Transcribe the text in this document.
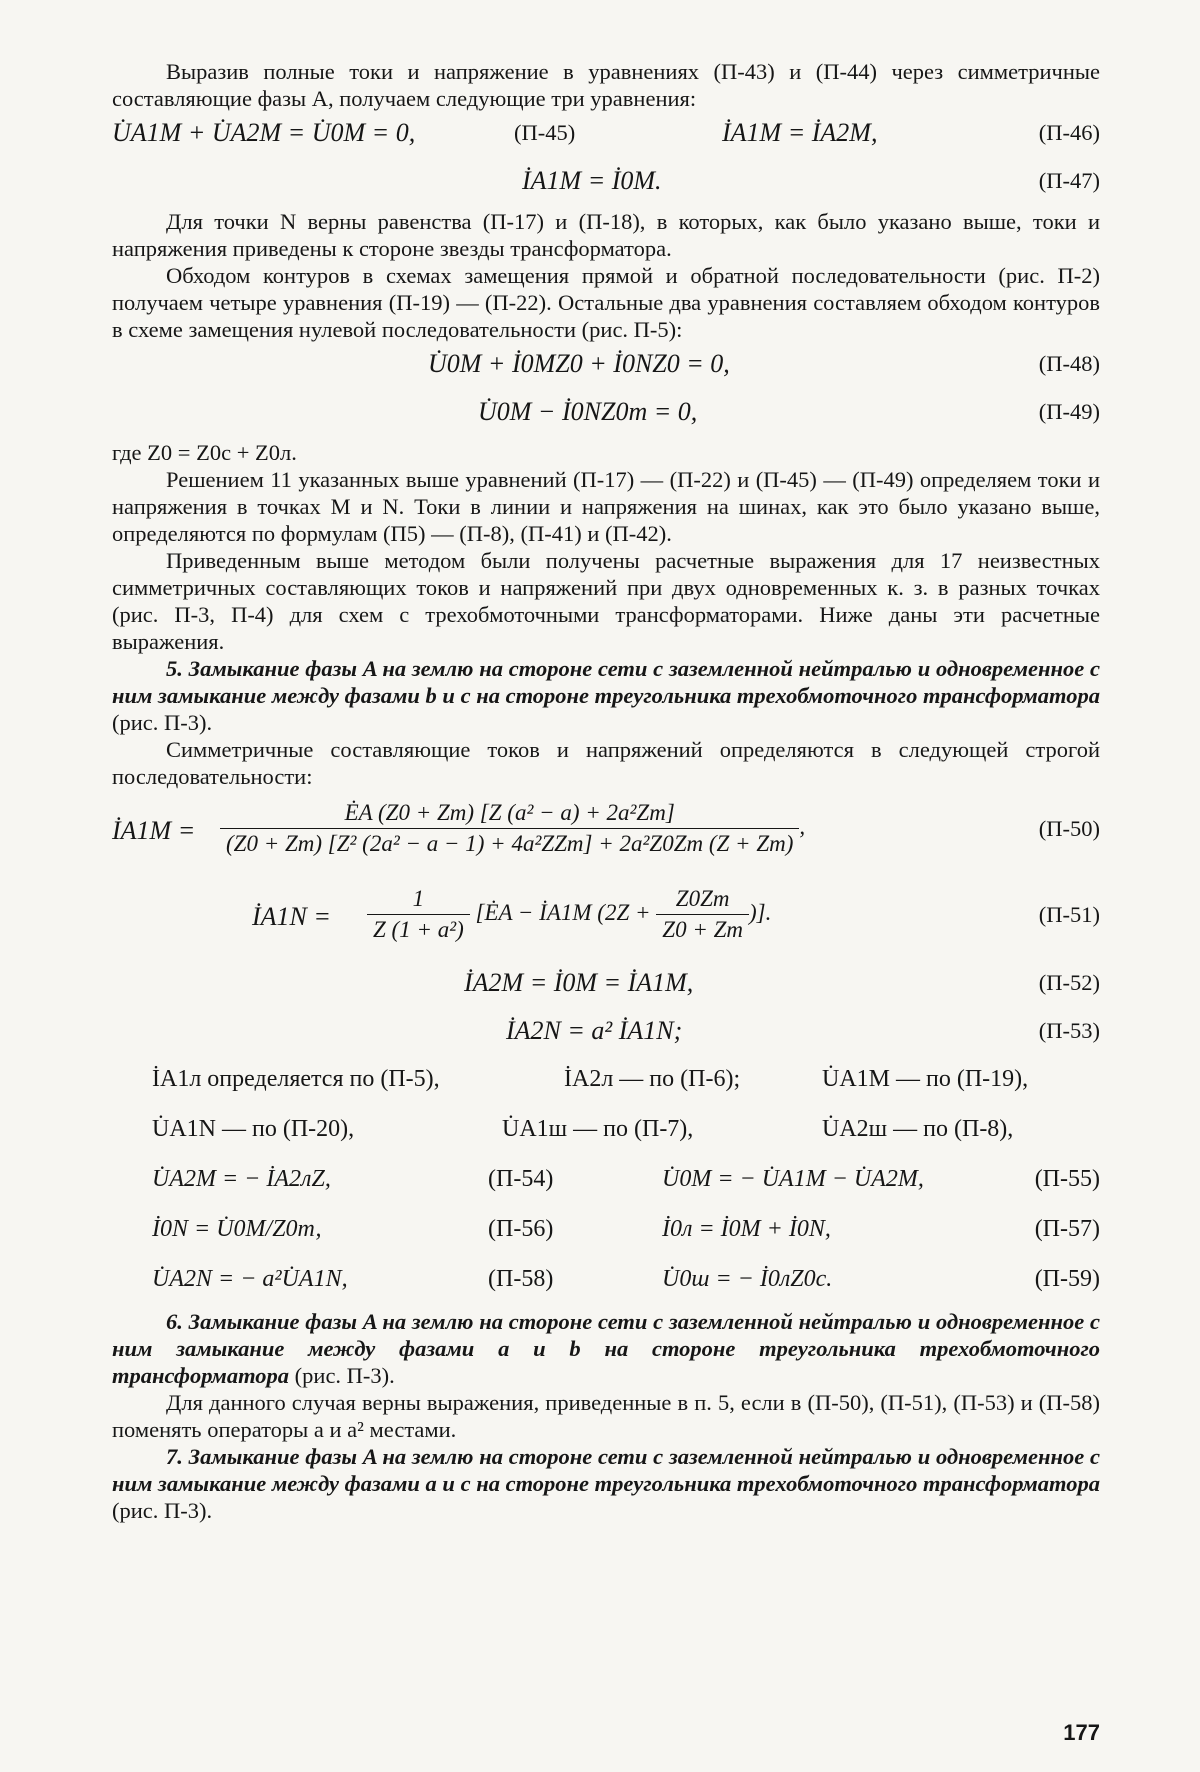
Выразив полные токи и напряжение в уравнениях (П-43) и (П-44) через симметричные составляющие фазы A, получаем следующие три уравнения:

U̇A1M + U̇A2M = U̇0M = 0,	(П-45)	İA1M = İA2M,	(П-46)
İA1M = İ0M.	(П-47)

Для точки N верны равенства (П-17) и (П-18), в которых, как было указано выше, токи и напряжения приведены к стороне звезды трансформатора.

Обходом контуров в схемах замещения прямой и обратной последовательности (рис. П-2) получаем четыре уравнения (П-19) — (П-22). Остальные два уравнения составляем обходом контуров в схеме замещения нулевой последовательности (рис. П-5):

U̇0M + İ0MZ0 + İ0NZ0 = 0,	(П-48)
U̇0M − İ0NZ0т = 0,	(П-49)

где Z0 = Z0с + Z0л.

Решением 11 указанных выше уравнений (П-17) — (П-22) и (П-45) — (П-49) определяем токи и напряжения в точках M и N. Токи в линии и напряжения на шинах, как это было указано выше, определяются по формулам (П5) — (П-8), (П-41) и (П-42).

Приведенным выше методом были получены расчетные выражения для 17 неизвестных симметричных составляющих токов и напряжений при двух одновременных к. з. в разных точках (рис. П-3, П-4) для схем с трехобмоточными трансформаторами. Ниже даны эти расчетные выражения.

5. Замыкание фазы A на землю на стороне сети с заземленной нейтралью и одновременное с ним замыкание между фазами b и c на стороне треугольника трехобмоточного трансформатора (рис. П-3).

Симметричные составляющие токов и напряжений определяются в следующей строгой последовательности:

İA1M = $\frac{\text{ĖA (Z0 + Zт) [Z (a² − a) + 2a²Zт]}}{\text{(Z0 + Zт) [Z² (2a² − a − 1) + 4a²ZZт] + 2a²Z0Zт (Z + Zт)}}$ ,	(П-50)
İA1N = $\frac{1}{\text{Z (1 + a²)}}$ [ĖA − İA1M ($2Z + \frac{Z0Zт}{Z0 + Zт}$ )].	(П-51)
İA2M = İ0M = İA1M,	(П-52)
İA2N = a² İA1N;	(П-53)
İA1л определяется по (П-5),	İA2л — по (П-6);	U̇A1M — по (П-19),
U̇A1N — по (П-20),	U̇A1ш — по (П-7),	U̇A2ш — по (П-8),
U̇A2M = − İA2лZ,	(П-54)	U̇0M = − U̇A1M − U̇A2M,	(П-55)
İ0N = U̇0M/Z0т,	(П-56)	İ0л = İ0M + İ0N,	(П-57)
U̇A2N = − a²U̇A1N,	(П-58)	U̇0ш = − İ0лZ0с.	(П-59)

6. Замыкание фазы A на землю на стороне сети с заземленной нейтралью и одновременное с ним замыкание между фазами a и b на стороне треугольника трехобмоточного трансформатора (рис. П-3).

Для данного случая верны выражения, приведенные в п. 5, если в (П-50), (П-51), (П-53) и (П-58) поменять операторы a и a² местами.

7. Замыкание фазы A на землю на стороне сети с заземленной нейтралью и одновременное с ним замыкание между фазами a и c на стороне треугольника трехобмоточного трансформатора (рис. П-3).

177
